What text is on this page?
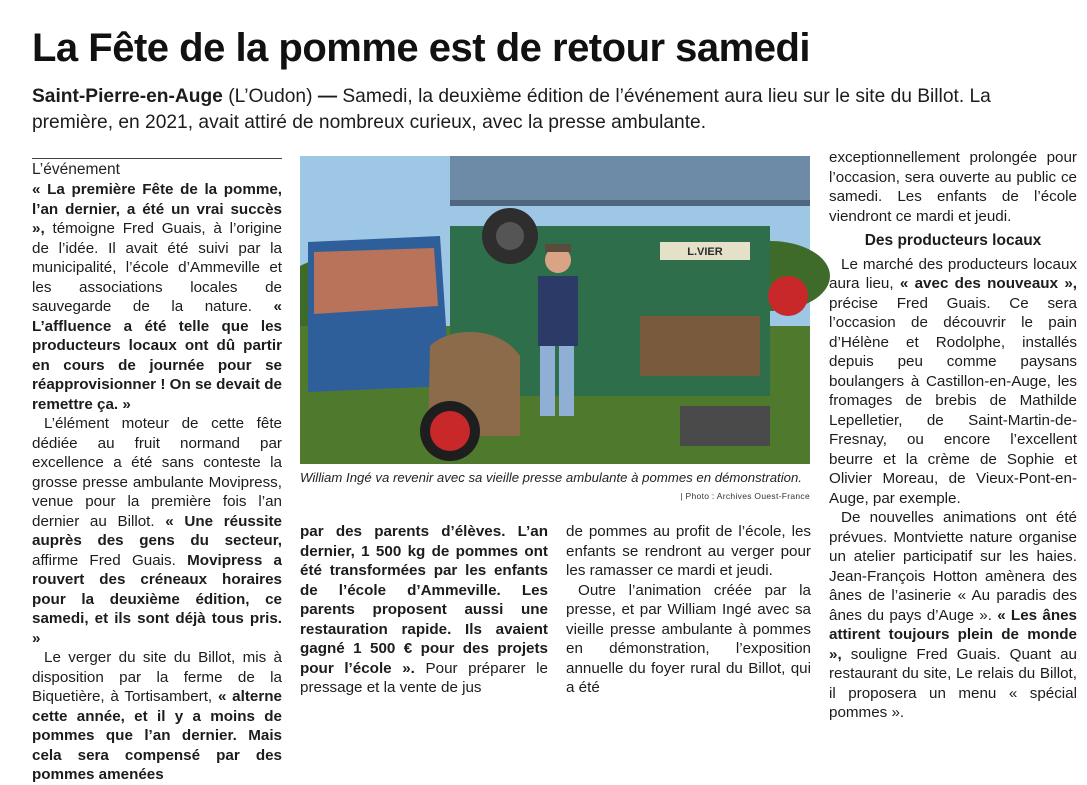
La Fête de la pomme est de retour samedi
Saint-Pierre-en-Auge (L’Oudon) — Samedi, la deuxième édition de l’événement aura lieu sur le site du Billot. La première, en 2021, avait attiré de nombreux curieux, avec la presse ambulante.
L’événement

« La première Fête de la pomme, l’an dernier, a été un vrai succès », témoigne Fred Guais, à l’origine de l’idée. Il avait été suivi par la municipalité, l’école d’Ammeville et les associations locales de sauvegarde de la nature. « L’affluence a été telle que les producteurs locaux ont dû partir en cours de journée pour se réapprovisionner ! On se devait de remettre ça. »

L’élément moteur de cette fête dédiée au fruit normand par excellence a été sans conteste la grosse presse ambulante Movipress, venue pour la première fois l’an dernier au Billot. « Une réussite auprès des gens du secteur, affirme Fred Guais. Movipress a rouvert des créneaux horaires pour la deuxième édition, ce samedi, et ils sont déjà tous pris. »

Le verger du site du Billot, mis à disposition par la ferme de la Biquetière, à Tortisambert, « alterne cette année, et il y a moins de pommes que l’an dernier. Mais cela sera compensé par des pommes amenées

L.VIER
William Ingé va revenir avec sa vieille presse ambulante à pommes en démonstration.
| Photo : Archives Ouest-France

par des parents d’élèves. L’an dernier, 1 500 kg de pommes ont été transformées par les enfants de l’école d’Ammeville. Les parents proposent aussi une restauration rapide. Ils avaient gagné 1 500 € pour des projets pour l’école ». Pour préparer le pressage et la vente de jus

de pommes au profit de l’école, les enfants se rendront au verger pour les ramasser ce mardi et jeudi.

Outre l’animation créée par la presse, et par William Ingé avec sa vieille presse ambulante à pommes en démonstration, l’exposition annuelle du foyer rural du Billot, qui a été

exceptionnellement prolongée pour l’occasion, sera ouverte au public ce samedi. Les enfants de l’école viendront ce mardi et jeudi.

Des producteurs locaux

Le marché des producteurs locaux aura lieu, « avec des nouveaux », précise Fred Guais. Ce sera l’occasion de découvrir le pain d’Hélène et Rodolphe, installés depuis peu comme paysans boulangers à Castillon-en-Auge, les fromages de brebis de Mathilde Lepelletier, de Saint-Martin-de-Fresnay, ou encore l’excellent beurre et la crème de Sophie et Olivier Moreau, de Vieux-Pont-en-Auge, par exemple.

De nouvelles animations ont été prévues. Montviette nature organise un atelier participatif sur les haies. Jean-François Hotton amènera des ânes de l’asinerie « Au paradis des ânes du pays d’Auge ». « Les ânes attirent toujours plein de monde », souligne Fred Guais. Quant au restaurant du site, Le relais du Billot, il proposera un menu « spécial pommes ».
